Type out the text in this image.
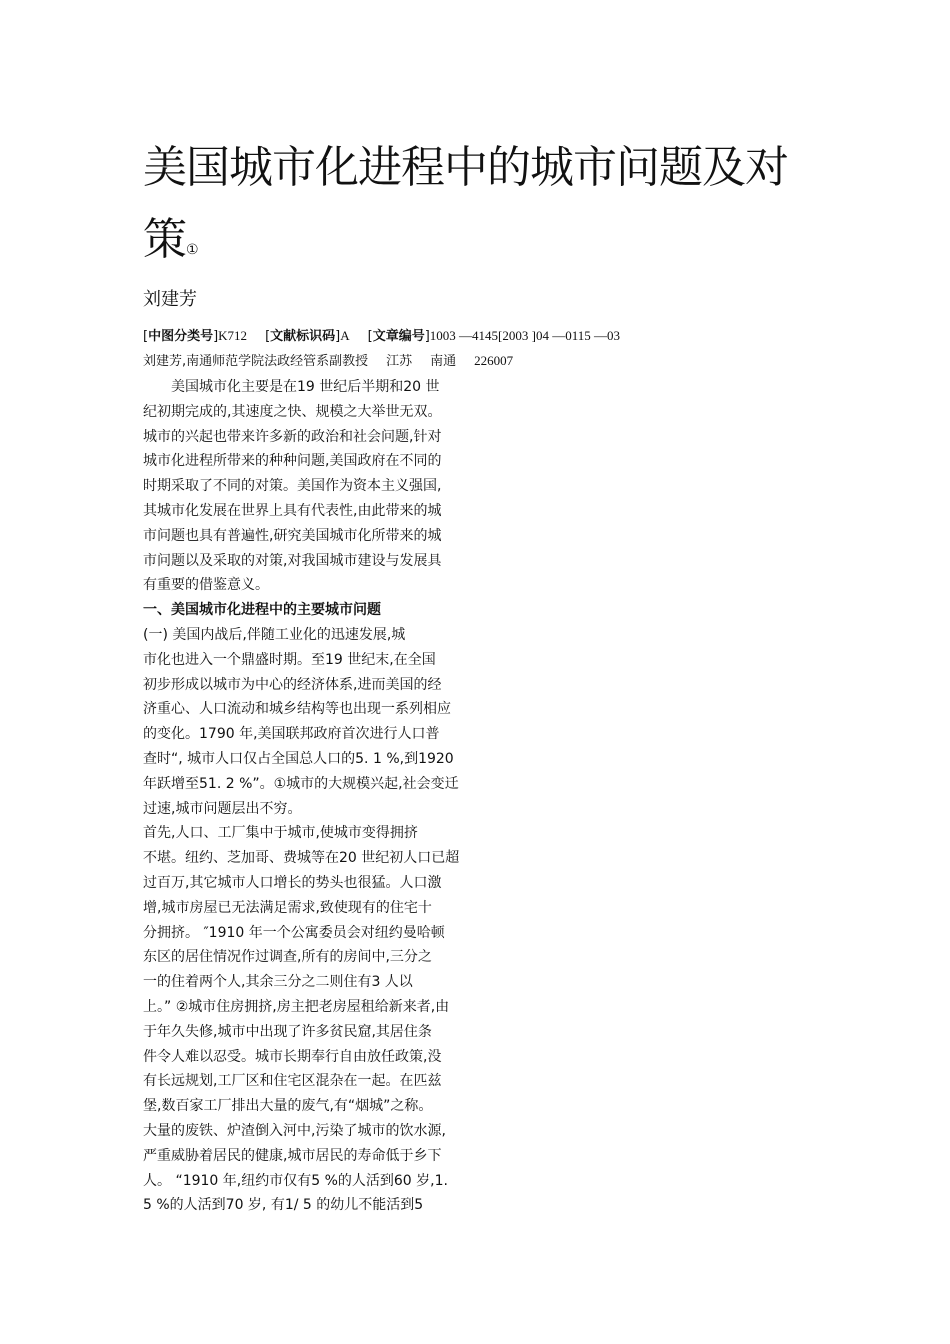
美国城市化进程中的城市问题及对
策①

刘建芳

[中图分类号]K712 [文献标识码]A [文章编号]1003 —4145[2003 ]04 —0115 —03

刘建芳,南通师范学院法政经管系副教授 江苏 南通 226007

美国城市化主要是在19 世纪后半期和20 世
纪初期完成的,其速度之快、规模之大举世无双。
城市的兴起也带来许多新的政治和社会问题,针对
城市化进程所带来的种种问题,美国政府在不同的
时期采取了不同的对策。美国作为资本主义强国,
其城市化发展在世界上具有代表性,由此带来的城
市问题也具有普遍性,研究美国城市化所带来的城
市问题以及采取的对策,对我国城市建设与发展具
有重要的借鉴意义。
一、美国城市化进程中的主要城市问题
(一) 美国内战后,伴随工业化的迅速发展,城
市化也进入一个鼎盛时期。至19 世纪末,在全国
初步形成以城市为中心的经济体系,进而美国的经
济重心、人口流动和城乡结构等也出现一系列相应
的变化。1790 年,美国联邦政府首次进行人口普
查时“, 城市人口仅占全国总人口的5. 1 %,到1920
年跃增至51. 2 %”。①城市的大规模兴起,社会变迁
过速,城市问题层出不穷。
首先,人口、工厂集中于城市,使城市变得拥挤
不堪。纽约、芝加哥、费城等在20 世纪初人口已超
过百万,其它城市人口增长的势头也很猛。人口激
增,城市房屋已无法满足需求,致使现有的住宅十
分拥挤。 ″1910 年一个公寓委员会对纽约曼哈顿
东区的居住情况作过调查,所有的房间中,三分之
一的住着两个人,其余三分之二则住有3 人以
上。” ②城市住房拥挤,房主把老房屋租给新来者,由
于年久失修,城市中出现了许多贫民窟,其居住条
件令人难以忍受。城市长期奉行自由放任政策,没
有长远规划,工厂区和住宅区混杂在一起。在匹兹
堡,数百家工厂排出大量的废气,有“烟城”之称。
大量的废铁、炉渣倒入河中,污染了城市的饮水源,
严重威胁着居民的健康,城市居民的寿命低于乡下
人。 “1910 年,纽约市仅有5 %的人活到60 岁,1.
5 %的人活到70 岁, 有1/ 5 的幼儿不能活到5
